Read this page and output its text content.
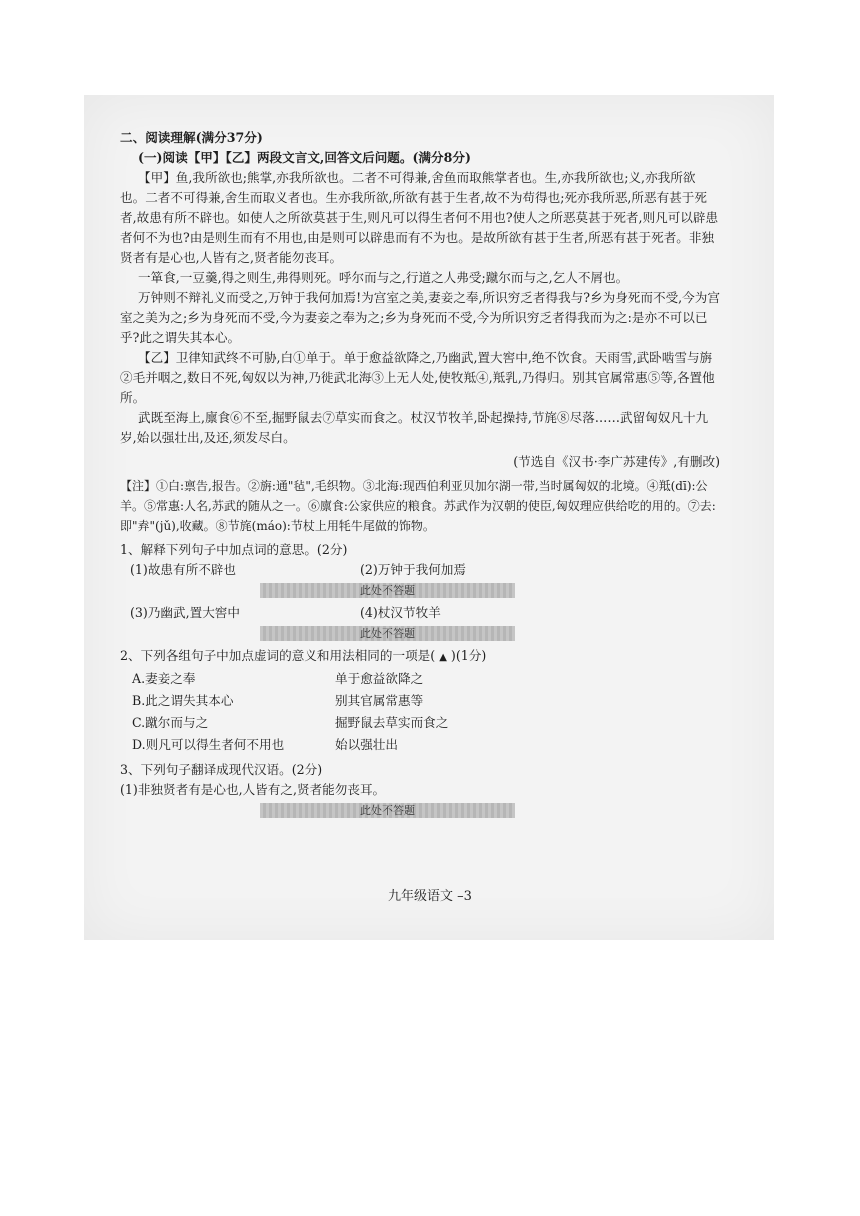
二、阅读理解(满分37分)
(一)阅读【甲】【乙】两段文言文,回答文后问题。(满分8分)
【甲】鱼,我所欲也;熊掌,亦我所欲也。二者不可得兼,舍鱼而取熊掌者也。生,亦我所欲也;义,亦我所欲也。二者不可得兼,舍生而取义者也。生亦我所欲,所欲有甚于生者,故不为苟得也;死亦我所恶,所恶有甚于死者,故患有所不辟也。如使人之所欲莫甚于生,则凡可以得生者何不用也?使人之所恶莫甚于死者,则凡可以辟患者何不为也?由是则生而有不用也,由是则可以辟患而有不为也。是故所欲有甚于生者,所恶有甚于死者。非独贤者有是心也,人皆有之,贤者能勿丧耳。
一箪食,一豆羹,得之则生,弗得则死。呼尔而与之,行道之人弗受;蹴尔而与之,乞人不屑也。
万钟则不辩礼义而受之,万钟于我何加焉!为宫室之美,妻妾之奉,所识穷乏者得我与?乡为身死而不受,今为宫室之美为之;乡为身死而不受,今为妻妾之奉为之;乡为身死而不受,今为所识穷乏者得我而为之:是亦不可以已乎?此之谓失其本心。
【乙】卫律知武终不可胁,白①单于。单于愈益欲降之,乃幽武,置大窖中,绝不饮食。天雨雪,武卧啮雪与旃②毛并咽之,数日不死,匈奴以为神,乃徙武北海③上无人处,使牧羝④,羝乳,乃得归。别其官属常惠⑤等,各置他所。
武既至海上,廪食⑥不至,掘野鼠去⑦草实而食之。杖汉节牧羊,卧起操持,节旄⑧尽落……武留匈奴凡十九岁,始以强壮出,及还,须发尽白。
(节选自《汉书·李广苏建传》,有删改)
【注】①白:禀告,报告。②旃:通"毡",毛织物。③北海:现西伯利亚贝加尔湖一带,当时属匈奴的北境。④羝(dī):公羊。⑤常惠:人名,苏武的随从之一。⑥廪食:公家供应的粮食。苏武作为汉朝的使臣,匈奴理应供给吃的用的。⑦去:即"弆"(jǔ),收藏。⑧节旄(máo):节杖上用牦牛尾做的饰物。
1、解释下列句子中加点词的意思。(2分)
(1)故患有所不辟也	(2)万钟于我何加焉
此处不答题
(3)乃幽武,置大窖中	(4)杖汉节牧羊
此处不答题
2、下列各组句子中加点虚词的意义和用法相同的一项是( ▲ )(1分)
A.妻妾之奉	单于愈益欲降之
B.此之谓失其本心	别其官属常惠等
C.蹴尔而与之	掘野鼠去草实而食之
D.则凡可以得生者何不用也	始以强壮出
3、下列句子翻译成现代汉语。(2分)
(1)非独贤者有是心也,人皆有之,贤者能勿丧耳。
此处不答题
九年级语文 –3
